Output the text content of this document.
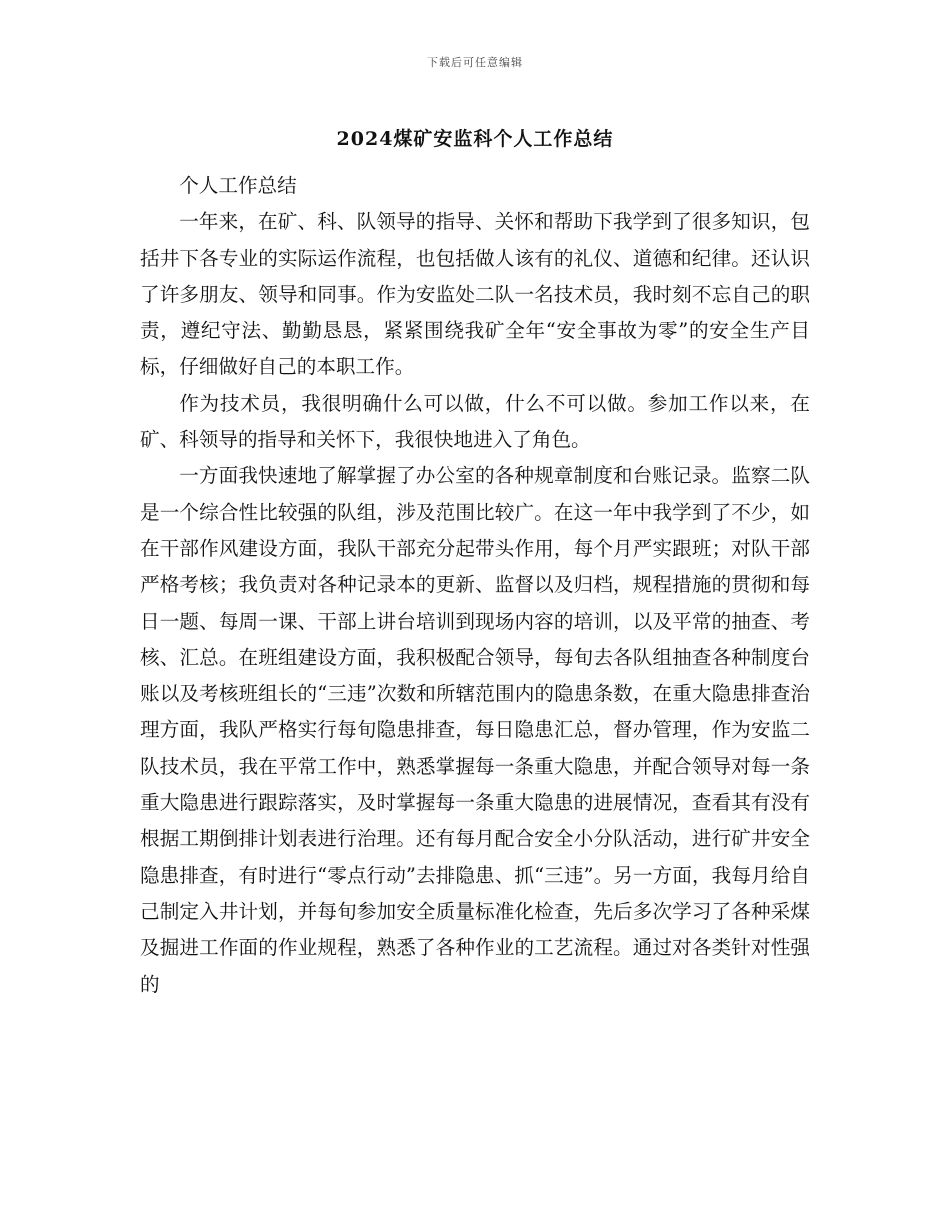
下载后可任意编辑
2024煤矿安监科个人工作总结

个人工作总结

一年来，在矿、科、队领导的指导、关怀和帮助下我学到了很多知识，包括井下各专业的实际运作流程，也包括做人该有的礼仪、道德和纪律。还认识了许多朋友、领导和同事。作为安监处二队一名技术员，我时刻不忘自己的职责，遵纪守法、勤勤恳恳，紧紧围绕我矿全年“安全事故为零”的安全生产目标，仔细做好自己的本职工作。

作为技术员，我很明确什么可以做，什么不可以做。参加工作以来，在矿、科领导的指导和关怀下，我很快地进入了角色。

一方面我快速地了解掌握了办公室的各种规章制度和台账记录。监察二队是一个综合性比较强的队组，涉及范围比较广。在这一年中我学到了不少，如在干部作风建设方面，我队干部充分起带头作用，每个月严实跟班；对队干部严格考核；我负责对各种记录本的更新、监督以及归档，规程措施的贯彻和每日一题、每周一课、干部上讲台培训到现场内容的培训，以及平常的抽查、考核、汇总。在班组建设方面，我积极配合领导，每旬去各队组抽查各种制度台账以及考核班组长的“三违”次数和所辖范围内的隐患条数，在重大隐患排查治理方面，我队严格实行每旬隐患排查，每日隐患汇总，督办管理，作为安监二队技术员，我在平常工作中，熟悉掌握每一条重大隐患，并配合领导对每一条重大隐患进行跟踪落实，及时掌握每一条重大隐患的进展情况，查看其有没有根据工期倒排计划表进行治理。还有每月配合安全小分队活动，进行矿井安全隐患排查，有时进行“零点行动”去排隐患、抓“三违”。另一方面，我每月给自己制定入井计划，并每旬参加安全质量标准化检查，先后多次学习了各种采煤及掘进工作面的作业规程，熟悉了各种作业的工艺流程。通过对各类针对性强的
